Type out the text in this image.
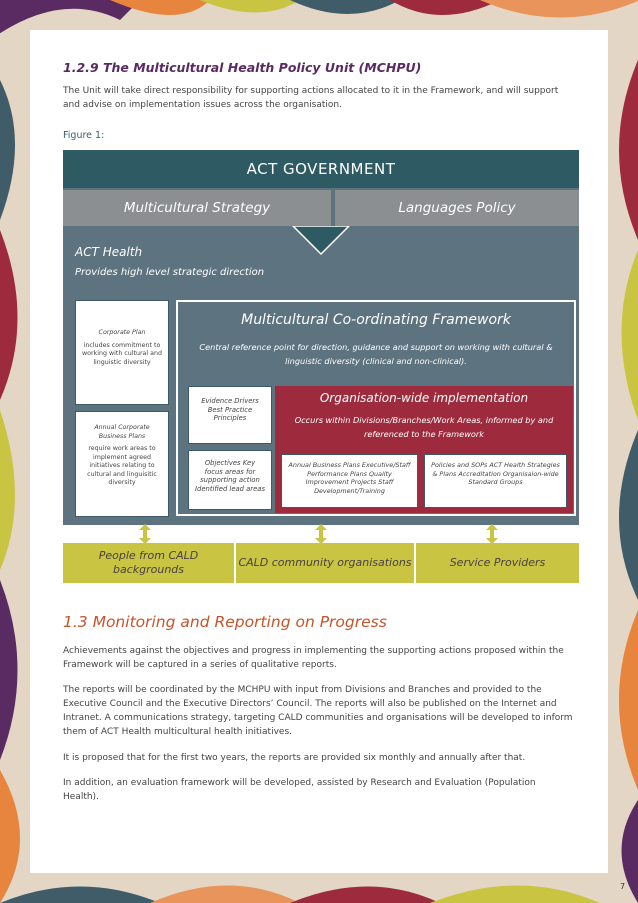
1.2.9 The Multicultural Health Policy Unit (MCHPU)
The Unit will take direct responsibility for supporting actions allocated to it in the Framework, and will support and advise on implementation issues across the organisation.
Figure 1:
ACT GOVERNMENT
Multicultural Strategy	Languages Policy
ACT Health
Provides high level strategic direction
Corporate Plan
includes commitment to working with cultural and linguistic diversity
Annual Corporate Business Plans
require work areas to implement agreed initiatives relating to cultural and linguisitic diversity
Multicultural Co-ordinating Framework
Central reference point for direction, guidance and support on working with cultural & linguistic diversity (clinical and non-clinical).
Evidence Drivers Best Practice Principles
Objectives Key focus areas for supporting action Identified lead areas
Organisation-wide implementation
Occurs within Divisions/Branches/Work Areas, informed by and referenced to the Framework
Annual Business Plans Executive/Staff Performance Plans Quality Improvement Projects Staff Development/Training
Policies and SOPs ACT Health Strategies & Plans Accreditation Organisaion-wide Standard Groups
People from CALD backgrounds
CALD community organisations	Service Providers
1.3 Monitoring and Reporting on Progress
Achievements against the objectives and progress in implementing the supporting actions proposed within the Framework will be captured in a series of qualitative reports.
The reports will be coordinated by the MCHPU with input from Divisions and Branches and provided to the Executive Council and the Executive Directors’ Council. The reports will also be published on the Internet and Intranet. A communications strategy, targeting CALD communities and organisations will be developed to inform them of ACT Health multicultural health initiatives.
It is proposed that for the first two years, the reports are provided six monthly and annually after that.
In addition, an evaluation framework will be developed, assisted by Research and Evaluation (Population Health).
7
